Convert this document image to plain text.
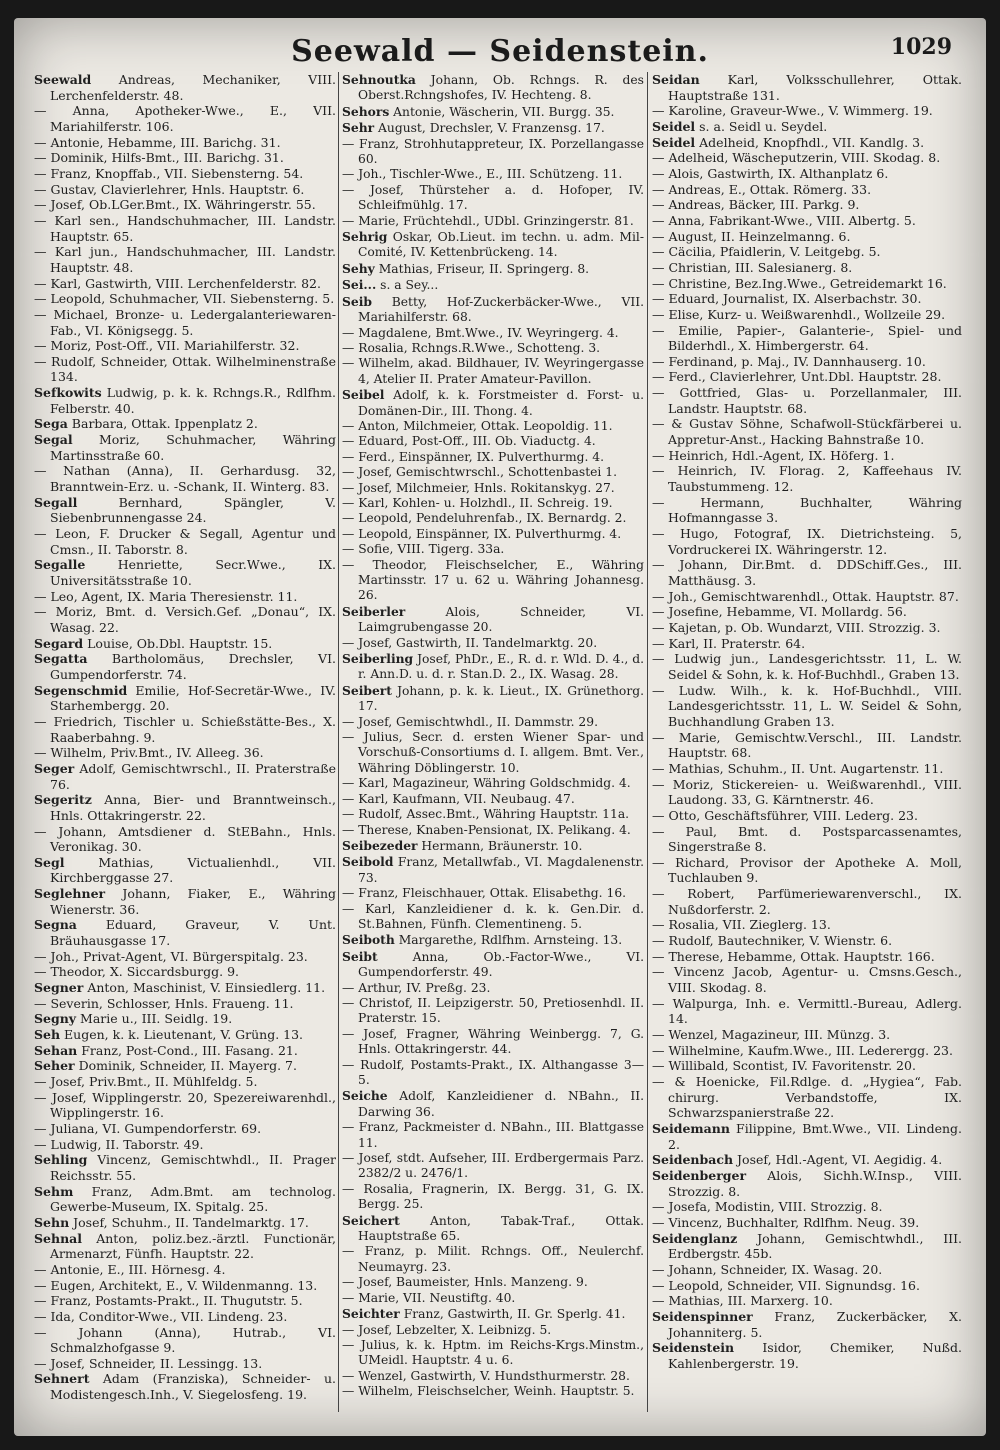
Seewald — Seidenstein.	1029

Seewald Andreas, Mechaniker, VIII. Lerchenfelderstr. 48.

— Anna, Apotheker-Wwe., E., VII. Mariahilferstr. 106.

— Antonie, Hebamme, III. Barichg. 31.

— Dominik, Hilfs-Bmt., III. Barichg. 31.

— Franz, Knopffab., VII. Siebensterng. 54.

— Gustav, Clavierlehrer, Hnls. Hauptstr. 6.

— Josef, Ob.LGer.Bmt., IX. Währingerstr. 55.

— Karl sen., Handschuhmacher, III. Landstr. Hauptstr. 65.

— Karl jun., Handschuhmacher, III. Landstr. Hauptstr. 48.

— Karl, Gastwirth, VIII. Lerchenfelderstr. 82.

— Leopold, Schuhmacher, VII. Siebensterng. 5.

— Michael, Bronze- u. Ledergalanteriewaren-Fab., VI. Königsegg. 5.

— Moriz, Post-Off., VII. Mariahilferstr. 32.

— Rudolf, Schneider, Ottak. Wilhelminenstraße 134.

Sefkowits Ludwig, p. k. k. Rchngs.R., Rdlfhm. Felberstr. 40.

Sega Barbara, Ottak. Ippenplatz 2.

Segal Moriz, Schuhmacher, Währing Martinsstraße 60.

— Nathan (Anna), II. Gerhardusg. 32, Branntwein-Erz. u. -Schank, II. Winterg. 83.

Segall Bernhard, Spängler, V. Siebenbrunnengasse 24.

— Leon, F. Drucker & Segall, Agentur und Cmsn., II. Taborstr. 8.

Segalle Henriette, Secr.Wwe., IX. Universitätsstraße 10.

— Leo, Agent, IX. Maria Theresienstr. 11.

— Moriz, Bmt. d. Versich.Gef. „Donau“, IX. Wasag. 22.

Segard Louise, Ob.Dbl. Hauptstr. 15.

Segatta Bartholomäus, Drechsler, VI. Gumpendorferstr. 74.

Segenschmid Emilie, Hof-Secretär-Wwe., IV. Starhembergg. 20.

— Friedrich, Tischler u. Schießstätte-Bes., X. Raaberbahng. 9.

— Wilhelm, Priv.Bmt., IV. Alleeg. 36.

Seger Adolf, Gemischtwrschl., II. Praterstraße 76.

Segeritz Anna, Bier- und Branntweinsch., Hnls. Ottakringerstr. 22.

— Johann, Amtsdiener d. StEBahn., Hnls. Veronikag. 30.

Segl Mathias, Victualienhdl., VII. Kirchberggasse 27.

Seglehner Johann, Fiaker, E., Währing Wienerstr. 36.

Segna Eduard, Graveur, V. Unt. Bräuhausgasse 17.

— Joh., Privat-Agent, VI. Bürgerspitalg. 23.

— Theodor, X. Siccardsburgg. 9.

Segner Anton, Maschinist, V. Einsiedlerg. 11.

— Severin, Schlosser, Hnls. Fraueng. 11.

Segny Marie u., III. Seidlg. 19.

Seh Eugen, k. k. Lieutenant, V. Grüng. 13.

Sehan Franz, Post-Cond., III. Fasang. 21.

Seher Dominik, Schneider, II. Mayerg. 7.

— Josef, Priv.Bmt., II. Mühlfeldg. 5.

— Josef, Wipplingerstr. 20, Spezereiwarenhdl., Wipplingerstr. 16.

— Juliana, VI. Gumpendorferstr. 69.

— Ludwig, II. Taborstr. 49.

Sehling Vincenz, Gemischtwhdl., II. Prager Reichsstr. 55.

Sehm Franz, Adm.Bmt. am technolog. Gewerbe-Museum, IX. Spitalg. 25.

Sehn Josef, Schuhm., II. Tandelmarktg. 17.

Sehnal Anton, poliz.bez.-ärztl. Functionär, Armenarzt, Fünfh. Hauptstr. 22.

— Antonie, E., III. Hörnesg. 4.

— Eugen, Architekt, E., V. Wildenmanng. 13.

— Franz, Postamts-Prakt., II. Thugutstr. 5.

— Ida, Conditor-Wwe., VII. Lindeng. 23.

— Johann (Anna), Hutrab., VI. Schmalzhofgasse 9.

— Josef, Schneider, II. Lessingg. 13.

Sehnert Adam (Franziska), Schneider- u. Modistengesch.Inh., V. Siegelosfeng. 19.

Sehnoutka Johann, Ob. Rchngs. R. des Oberst.Rchngshofes, IV. Hechteng. 8.

Sehors Antonie, Wäscherin, VII. Burgg. 35.

Sehr August, Drechsler, V. Franzensg. 17.

— Franz, Strohhutappreteur, IX. Porzellangasse 60.

— Joh., Tischler-Wwe., E., III. Schützeng. 11.

— Josef, Thürsteher a. d. Hofoper, IV. Schleifmühlg. 17.

— Marie, Früchtehdl., UDbl. Grinzingerstr. 81.

Sehrig Oskar, Ob.Lieut. im techn. u. adm. Mil-Comité, IV. Kettenbrückeng. 14.

Sehy Mathias, Friseur, II. Springerg. 8.

Sei... s. a Sey...

Seib Betty, Hof-Zuckerbäcker-Wwe., VII. Mariahilferstr. 68.

— Magdalene, Bmt.Wwe., IV. Weyringerg. 4.

— Rosalia, Rchngs.R.Wwe., Schotteng. 3.

— Wilhelm, akad. Bildhauer, IV. Weyringergasse 4, Atelier II. Prater Amateur-Pavillon.

Seibel Adolf, k. k. Forstmeister d. Forst- u. Domänen-Dir., III. Thong. 4.

— Anton, Milchmeier, Ottak. Leopoldig. 11.

— Eduard, Post-Off., III. Ob. Viaductg. 4.

— Ferd., Einspänner, IX. Pulverthurmg. 4.

— Josef, Gemischtwrschl., Schottenbastei 1.

— Josef, Milchmeier, Hnls. Rokitanskyg. 27.

— Karl, Kohlen- u. Holzhdl., II. Schreig. 19.

— Leopold, Pendeluhrenfab., IX. Bernardg. 2.

— Leopold, Einspänner, IX. Pulverthurmg. 4.

— Sofie, VIII. Tigerg. 33a.

— Theodor, Fleischselcher, E., Währing Martinsstr. 17 u. 62 u. Währing Johannesg. 26.

Seiberler Alois, Schneider, VI. Laimgrubengasse 20.

— Josef, Gastwirth, II. Tandelmarktg. 20.

Seiberling Josef, PhDr., E., R. d. r. Wld. D. 4., d. r. Ann.D. u. d. r. Stan.D. 2., IX. Wasag. 28.

Seibert Johann, p. k. k. Lieut., IX. Grünethorg. 17.

— Josef, Gemischtwhdl., II. Dammstr. 29.

— Julius, Secr. d. ersten Wiener Spar- und Vorschuß-Consortiums d. I. allgem. Bmt. Ver., Währing Döblingerstr. 10.

— Karl, Magazineur, Währing Goldschmidg. 4.

— Karl, Kaufmann, VII. Neubaug. 47.

— Rudolf, Assec.Bmt., Währing Hauptstr. 11a.

— Therese, Knaben-Pensionat, IX. Pelikang. 4.

Seibezeder Hermann, Bräunerstr. 10.

Seibold Franz, Metallwfab., VI. Magdalenenstr. 73.

— Franz, Fleischhauer, Ottak. Elisabethg. 16.

— Karl, Kanzleidiener d. k. k. Gen.Dir. d. St.Bahnen, Fünfh. Clementineng. 5.

Seiboth Margarethe, Rdlfhm. Arnsteing. 13.

Seibt Anna, Ob.-Factor-Wwe., VI. Gumpendorferstr. 49.

— Arthur, IV. Preßg. 23.

— Christof, II. Leipzigerstr. 50, Pretiosenhdl. II. Praterstr. 15.

— Josef, Fragner, Währing Weinbergg. 7, G. Hnls. Ottakringerstr. 44.

— Rudolf, Postamts-Prakt., IX. Althangasse 3—5.

Seiche Adolf, Kanzleidiener d. NBahn., II. Darwing 36.

— Franz, Packmeister d. NBahn., III. Blattgasse 11.

— Josef, stdt. Aufseher, III. Erdbergermais Parz. 2382/2 u. 2476/1.

— Rosalia, Fragnerin, IX. Bergg. 31, G. IX. Bergg. 25.

Seichert Anton, Tabak-Traf., Ottak. Hauptstraße 65.

— Franz, p. Milit. Rchngs. Off., Neulerchf. Neumayrg. 23.

— Josef, Baumeister, Hnls. Manzeng. 9.

— Marie, VII. Neustiftg. 40.

Seichter Franz, Gastwirth, II. Gr. Sperlg. 41.

— Josef, Lebzelter, X. Leibnizg. 5.

— Julius, k. k. Hptm. im Reichs-Krgs.Minstm., UMeidl. Hauptstr. 4 u. 6.

— Wenzel, Gastwirth, V. Hundsthurmerstr. 28.

— Wilhelm, Fleischselcher, Weinh. Hauptstr. 5.

Seidan Karl, Volksschullehrer, Ottak. Hauptstraße 131.

— Karoline, Graveur-Wwe., V. Wimmerg. 19.

Seidel s. a. Seidl u. Seydel.

Seidel Adelheid, Knopfhdl., VII. Kandlg. 3.

— Adelheid, Wäscheputzerin, VIII. Skodag. 8.

— Alois, Gastwirth, IX. Althanplatz 6.

— Andreas, E., Ottak. Römerg. 33.

— Andreas, Bäcker, III. Parkg. 9.

— Anna, Fabrikant-Wwe., VIII. Albertg. 5.

— August, II. Heinzelmanng. 6.

— Cäcilia, Pfaidlerin, V. Leitgebg. 5.

— Christian, III. Salesianerg. 8.

— Christine, Bez.Ing.Wwe., Getreidemarkt 16.

— Eduard, Journalist, IX. Alserbachstr. 30.

— Elise, Kurz- u. Weißwarenhdl., Wollzeile 29.

— Emilie, Papier-, Galanterie-, Spiel- und Bilderhdl., X. Himbergerstr. 64.

— Ferdinand, p. Maj., IV. Dannhauserg. 10.

— Ferd., Clavierlehrer, Unt.Dbl. Hauptstr. 28.

— Gottfried, Glas- u. Porzellanmaler, III. Landstr. Hauptstr. 68.

— & Gustav Söhne, Schafwoll-Stückfärberei u. Appretur-Anst., Hacking Bahnstraße 10.

— Heinrich, Hdl.-Agent, IX. Höferg. 1.

— Heinrich, IV. Florag. 2, Kaffeehaus IV. Taubstummeng. 12.

— Hermann, Buchhalter, Währing Hofmanngasse 3.

— Hugo, Fotograf, IX. Dietrichsteing. 5, Vordruckerei IX. Währingerstr. 12.

— Johann, Dir.Bmt. d. DDSchiff.Ges., III. Matthäusg. 3.

— Joh., Gemischtwarenhdl., Ottak. Hauptstr. 87.

— Josefine, Hebamme, VI. Mollardg. 56.

— Kajetan, p. Ob. Wundarzt, VIII. Strozzig. 3.

— Karl, II. Praterstr. 64.

— Ludwig jun., Landesgerichtsstr. 11, L. W. Seidel & Sohn, k. k. Hof-Buchhdl., Graben 13.

— Ludw. Wilh., k. k. Hof-Buchhdl., VIII. Landesgerichtsstr. 11, L. W. Seidel & Sohn, Buchhandlung Graben 13.

— Marie, Gemischtw.Verschl., III. Landstr. Hauptstr. 68.

— Mathias, Schuhm., II. Unt. Augartenstr. 11.

— Moriz, Stickereien- u. Weißwarenhdl., VIII. Laudong. 33, G. Kärntnerstr. 46.

— Otto, Geschäftsführer, VIII. Lederg. 23.

— Paul, Bmt. d. Postsparcassenamtes, Singerstraße 8.

— Richard, Provisor der Apotheke A. Moll, Tuchlauben 9.

— Robert, Parfümeriewarenverschl., IX. Nußdorferstr. 2.

— Rosalia, VII. Zieglerg. 13.

— Rudolf, Bautechniker, V. Wienstr. 6.

— Therese, Hebamme, Ottak. Hauptstr. 166.

— Vincenz Jacob, Agentur- u. Cmsns.Gesch., VIII. Skodag. 8.

— Walpurga, Inh. e. Vermittl.-Bureau, Adlerg. 14.

— Wenzel, Magazineur, III. Münzg. 3.

— Wilhelmine, Kaufm.Wwe., III. Lederergg. 23.

— Willibald, Scontist, IV. Favoritenstr. 20.

— & Hoenicke, Fil.Rdlge. d. „Hygiea“, Fab. chirurg. Verbandstoffe, IX. Schwarzspanierstraße 22.

Seidemann Filippine, Bmt.Wwe., VII. Lindeng. 2.

Seidenbach Josef, Hdl.-Agent, VI. Aegidig. 4.

Seidenberger Alois, Sichh.W.Insp., VIII. Strozzig. 8.

— Josefa, Modistin, VIII. Strozzig. 8.

— Vincenz, Buchhalter, Rdlfhm. Neug. 39.

Seidenglanz Johann, Gemischtwhdl., III. Erdbergstr. 45b.

— Johann, Schneider, IX. Wasag. 20.

— Leopold, Schneider, VII. Signundsg. 16.

— Mathias, III. Marxerg. 10.

Seidenspinner Franz, Zuckerbäcker, X. Johanniterg. 5.

Seidenstein Isidor, Chemiker, Nußd. Kahlenbergerstr. 19.
